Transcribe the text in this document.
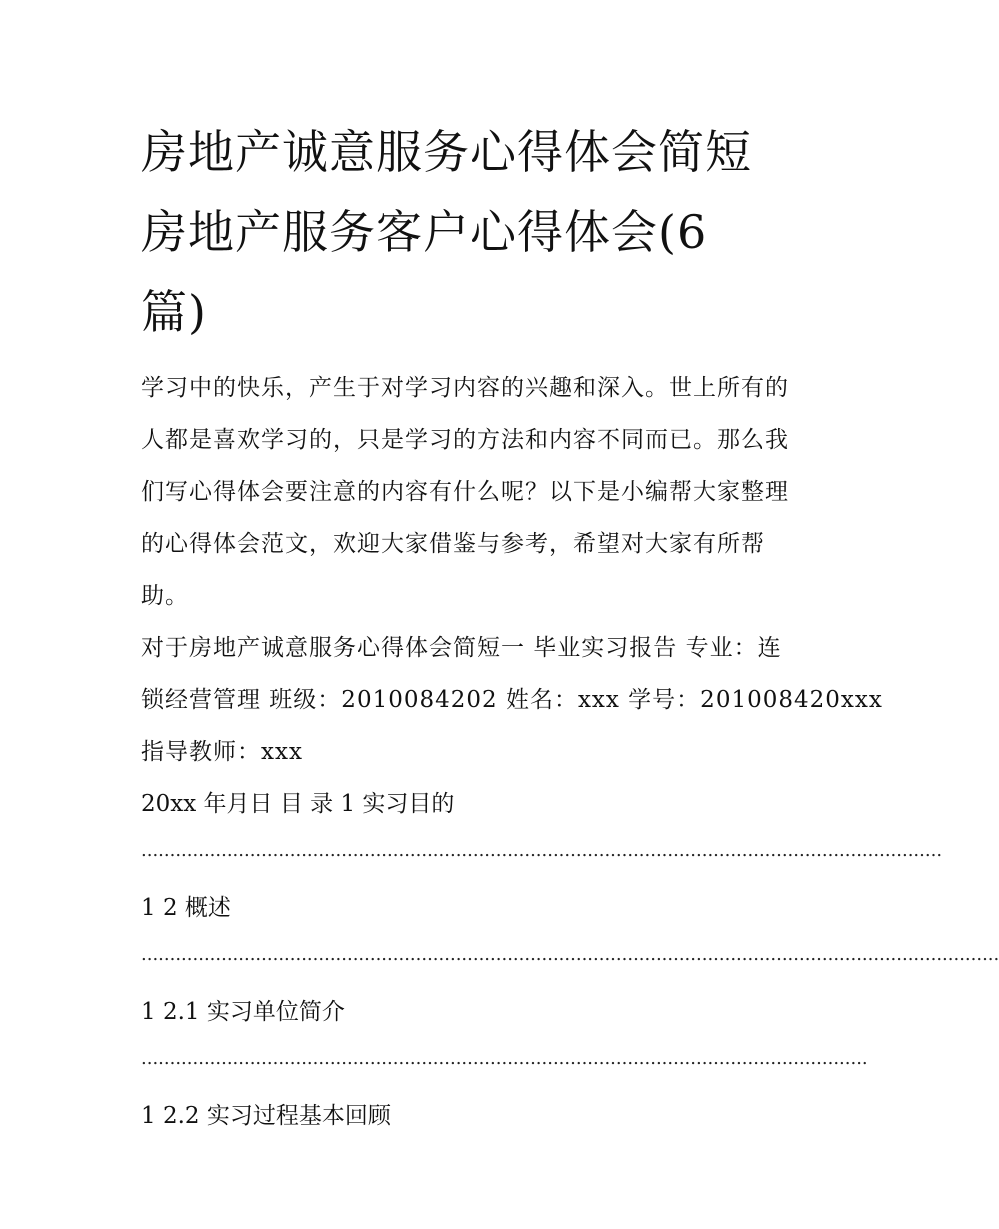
房地产诚意服务心得体会简短
房地产服务客户心得体会(6
篇)
学习中的快乐，产生于对学习内容的兴趣和深入。世上所有的
人都是喜欢学习的，只是学习的方法和内容不同而已。那么我
们写心得体会要注意的内容有什么呢？以下是小编帮大家整理
的心得体会范文，欢迎大家借鉴与参考，希望对大家有所帮
助。
对于房地产诚意服务心得体会简短一 毕业实习报告 专业：连
锁经营管理 班级：2010084202 姓名：xxx 学号：201008420xxx
指导教师：xxx
20xx 年月日 目 录 1 实习目的
............................................................................................................................................
1 2 概述
......................................................................................................................................................
1 2.1 实习单位简介
...............................................................................................................................
1 2.2 实习过程基本回顾
